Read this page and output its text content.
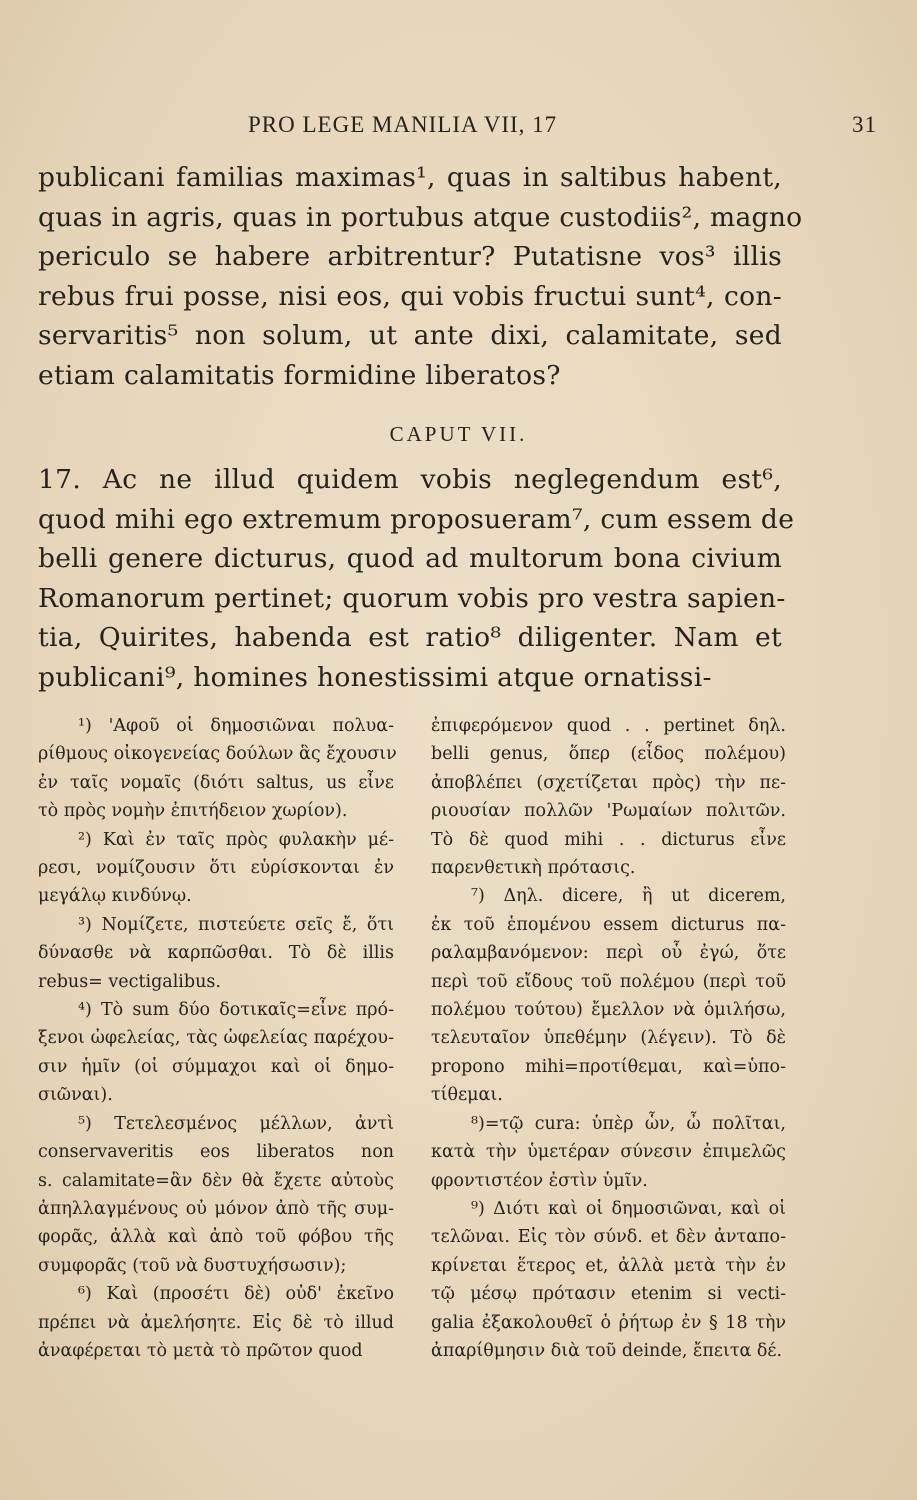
PRO LEGE MANILIA VII, 17	31
publicani familias maximas¹, quas in saltibus habent,
quas in agris, quas in portubus atque custodiis², magno
periculo se habere arbitrentur? Putatisne vos³ illis
rebus frui posse, nisi eos, qui vobis fructui sunt⁴, con-
servaritis⁵ non solum, ut ante dixi, calamitate, sed
etiam calamitatis formidine liberatos?
CAPUT VII.
17. Ac ne illud quidem vobis neglegendum est⁶,
quod mihi ego extremum proposueram⁷, cum essem de
belli genere dicturus, quod ad multorum bona civium
Romanorum pertinet; quorum vobis pro vestra sapien-
tia, Quirites, habenda est ratio⁸ diligenter. Nam et
publicani⁹, homines honestissimi atque ornatissi-
¹) 'Αφοῦ οἱ δημοσιῶναι πολυα-
ρίθμους οἰκογενείας δούλων ἃς ἔχουσιν
ἐν ταῖς νομαῖς (διότι saltus, us εἶνε
τὸ πρὸς νομὴν ἐπιτήδειον χωρίον).
²) Καὶ ἐν ταῖς πρὸς φυλακὴν μέ-
ρεσι, νομίζουσιν ὅτι εὑρίσκονται ἐν
μεγάλῳ κινδύνῳ.
³) Νομίζετε, πιστεύετε σεῖς ἔ, ὅτι
δύνασθε νὰ καρπῶσθαι. Τὸ δὲ illis
rebus= vectigalibus.
⁴) Τὸ sum δύο δοτικαῖς=εἶνε πρό-
ξενοι ὠφελείας, τὰς ὠφελείας παρέχου-
σιν ἡμῖν (οἱ σύμμαχοι καὶ οἱ δημο-
σιῶναι).
⁵) Τετελεσμένος μέλλων, ἀντὶ
conservaveritis eos liberatos non
s. calamitate=ἂν δὲν θὰ ἔχετε αὐτοὺς
ἀπηλλαγμένους οὐ μόνον ἀπὸ τῆς συμ-
φορᾶς, ἀλλὰ καὶ ἀπὸ τοῦ φόβου τῆς
συμφορᾶς (τοῦ νὰ δυστυχήσωσιν);
⁶) Καὶ (προσέτι δὲ) οὐδ' ἐκεῖνο
πρέπει νὰ ἀμελήσητε. Εἰς δὲ τὸ illud
ἀναφέρεται τὸ μετὰ τὸ πρῶτον quod
ἐπιφερόμενον quod . . pertinet δηλ.
belli genus, ὅπερ (εἶδος πολέμου)
ἀποβλέπει (σχετίζεται πρὸς) τὴν πε-
ριουσίαν πολλῶν 'Ρωμαίων πολιτῶν.
Τὸ δὲ quod mihi . . dicturus εἶνε
παρενθετικὴ πρότασις.
⁷) Δηλ. dicere, ἢ ut dicerem,
ἐκ τοῦ ἑπομένου essem dicturus πα-
ραλαμβανόμενον: περὶ οὗ ἐγώ, ὅτε
περὶ τοῦ εἴδους τοῦ πολέμου (περὶ τοῦ
πολέμου τούτου) ἔμελλον νὰ ὁμιλήσω,
τελευταῖον ὑπεθέμην (λέγειν). Τὸ δὲ
propono mihi=προτίθεμαι, καὶ=ὑπο-
τίθεμαι.
⁸)=τῷ cura: ὑπὲρ ὧν, ὦ πολῖται,
κατὰ τὴν ὑμετέραν σύνεσιν ἐπιμελῶς
φροντιστέον ἐστὶν ὑμῖν.
⁹) Διότι καὶ οἱ δημοσιῶναι, καὶ οἱ
τελῶναι. Εἰς τὸν σύνδ. et δὲν ἀνταπο-
κρίνεται ἕτερος et, ἀλλὰ μετὰ τὴν ἐν
τῷ μέσῳ πρότασιν etenim si vecti-
galia ἐξακολουθεῖ ὁ ῥήτωρ ἐν § 18 τὴν
ἀπαρίθμησιν διὰ τοῦ deinde, ἔπειτα δέ.
